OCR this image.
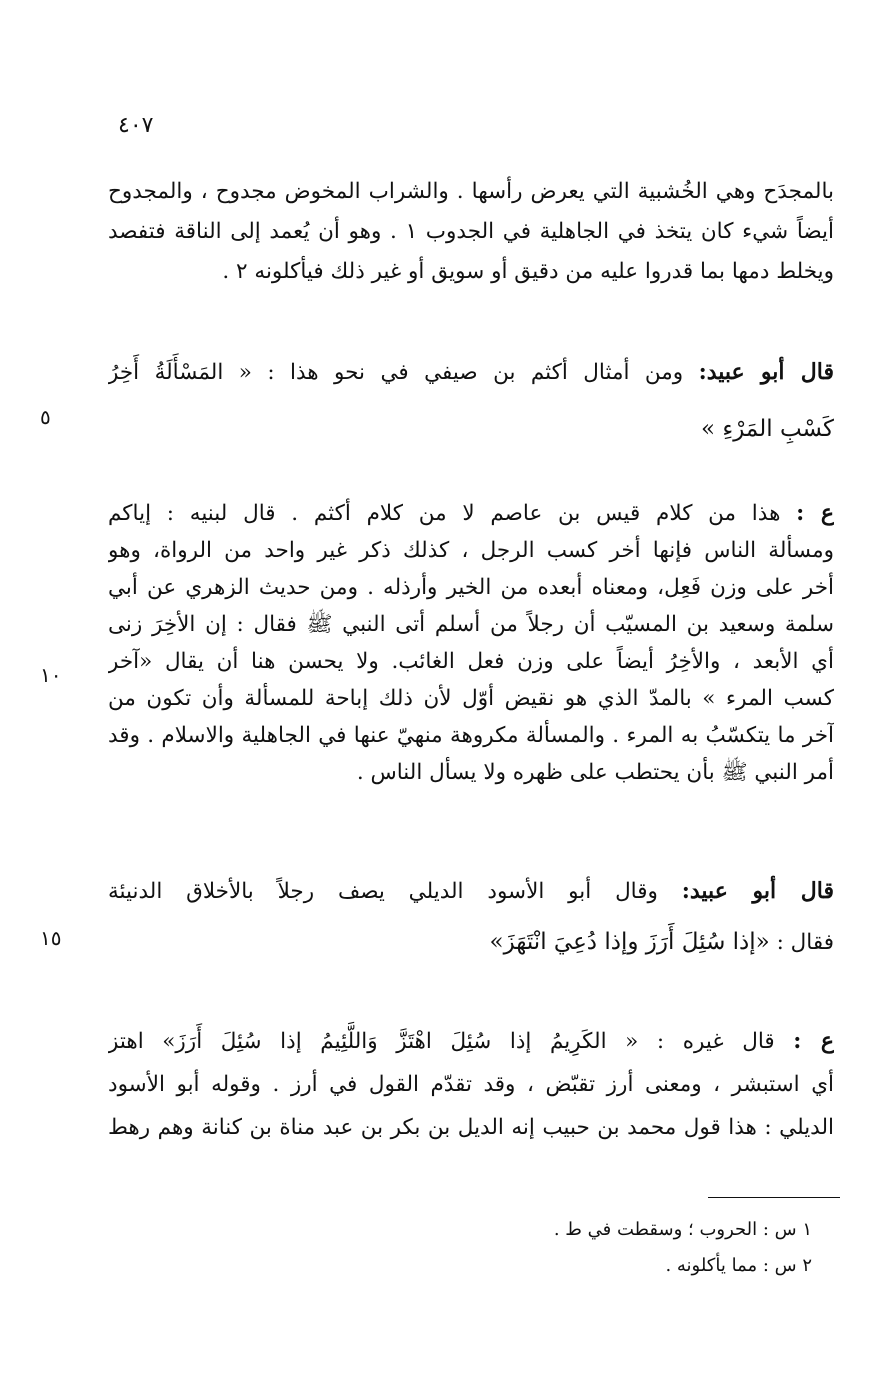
٤٠٧
بالمجدَح وهي الخُشبية التي يعرض رأسها . والشراب المخوض مجدوح ، والمجدوح
أيضاً شيء كان يتخذ في الجاهلية في الجدوب ١ . وهو أن يُعمد إلى الناقة فتفصد
ويخلط دمها بما قدروا عليه من دقيق أو سويق أو غير ذلك فيأكلونه ٢ .
قال أبو عبيد: ومن أمثال أكثم بن صيفي في نحو هذا : « المَسْأَلَةُ أَخِرُ
كَسْبِ المَرْءِ »
٥
ع : هذا من كلام قيس بن عاصم لا من كلام أكثم . قال لبنيه : إياكم
ومسألة الناس فإنها أخر كسب الرجل ، كذلك ذكر غير واحد من الرواة، وهو
أخر على وزن فَعِل، ومعناه أبعده من الخير وأرذله . ومن حديث الزهري عن أبي
سلمة وسعيد بن المسيّب أن رجلاً من أسلم أتى النبي ﷺ فقال : إن الأخِرَ زنى
أي الأبعد ، والأخِرُ أيضاً على وزن فعل الغائب. ولا يحسن هنا أن يقال «آخر
كسب المرء » بالمدّ الذي هو نقيض أوّل لأن ذلك إباحة للمسألة وأن تكون من
آخر ما يتكسّبُ به المرء . والمسألة مكروهة منهيّ عنها في الجاهلية والاسلام . وقد
أمر النبي ﷺ بأن يحتطب على ظهره ولا يسأل الناس .
١٠
قال أبو عبيد: وقال أبو الأسود الديلي يصف رجلاً بالأخلاق الدنيئة
فقال : «إذا سُئِلَ أَرَزَ وإذا دُعِيَ انْتَهَزَ»
١٥
ع : قال غيره : « الكَرِيمُ إذا سُئِلَ اهْتَزَّ وَاللَّئِيمُ إذا سُئِلَ أَرَزَ» اهتز
أي استبشر ، ومعنى أرز تقبّض ، وقد تقدّم القول في أرز . وقوله أبو الأسود
الديلي : هذا قول محمد بن حبيب إنه الديل بن بكر بن عبد مناة بن كنانة وهم رهط
١ س : الحروب ؛ وسقطت في ط .
٢ س : مما يأكلونه .
